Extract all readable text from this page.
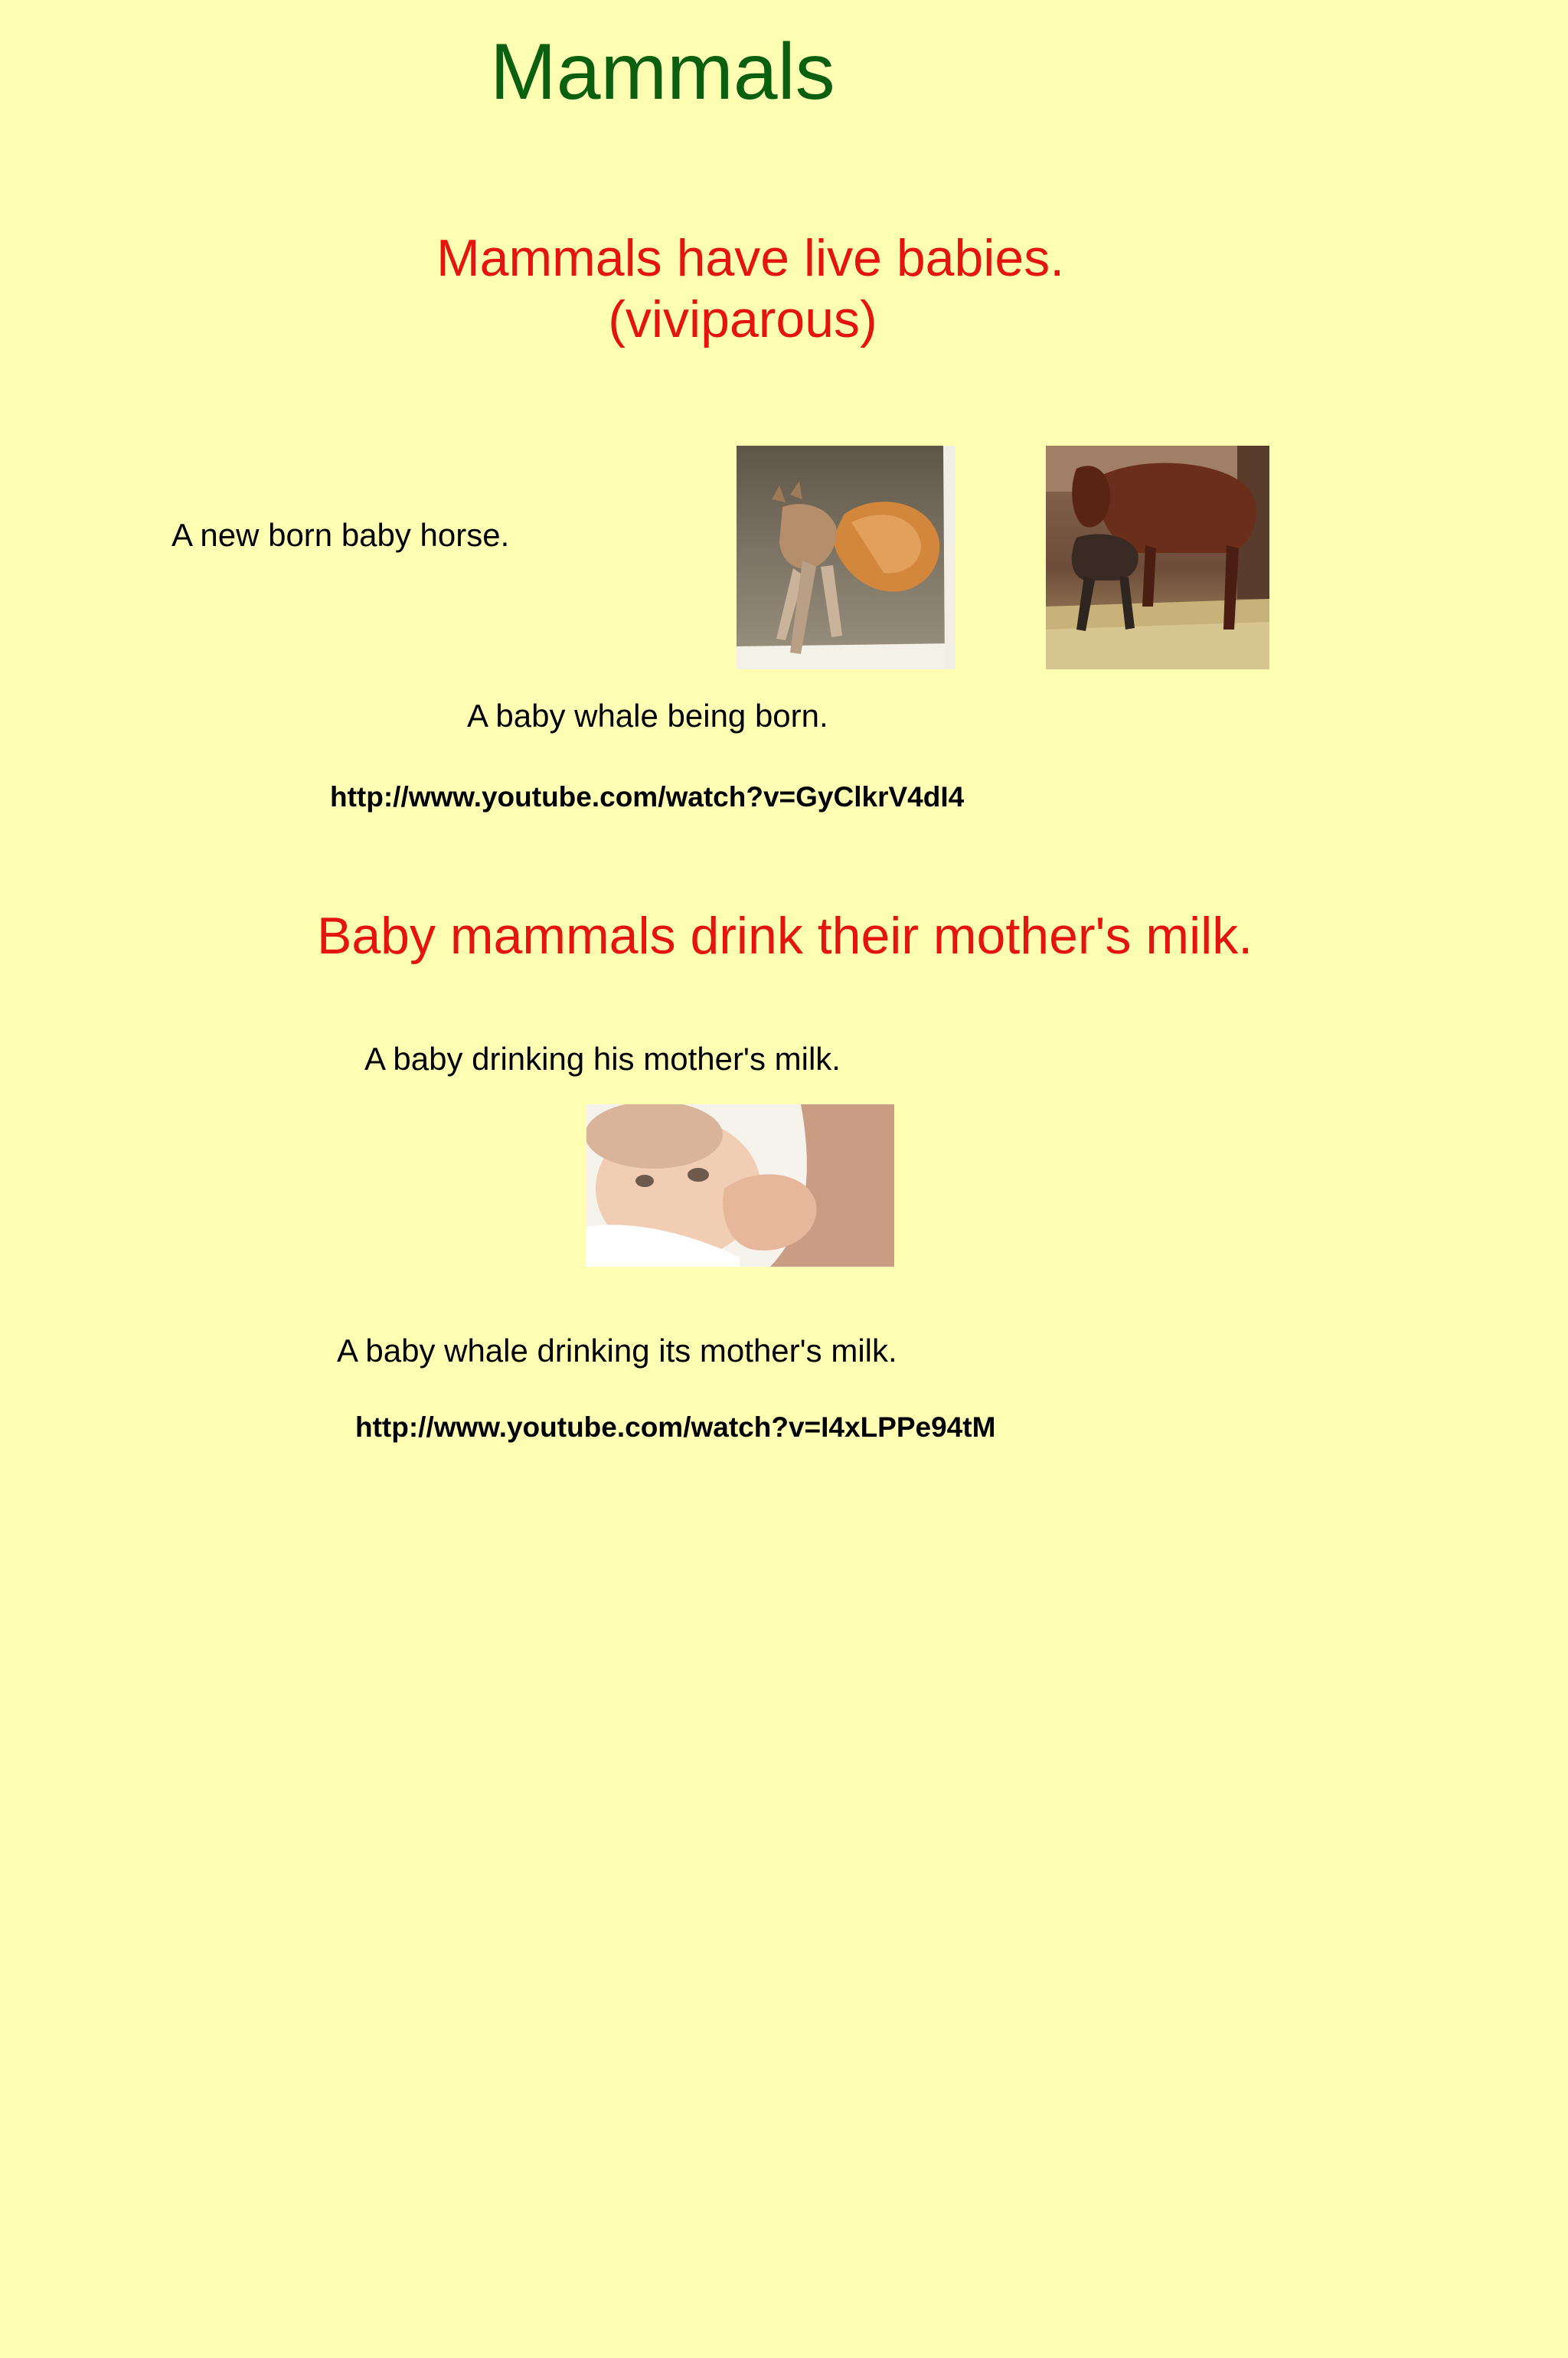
Mammals
Mammals have live babies.
(viviparous)
A new born baby horse.
A baby whale being born.
http://www.youtube.com/watch?v=GyClkrV4dI4
Baby mammals drink their mother's milk.
A baby drinking his mother's milk.
A baby whale drinking its mother's milk.
http://www.youtube.com/watch?v=I4xLPPe94tM
